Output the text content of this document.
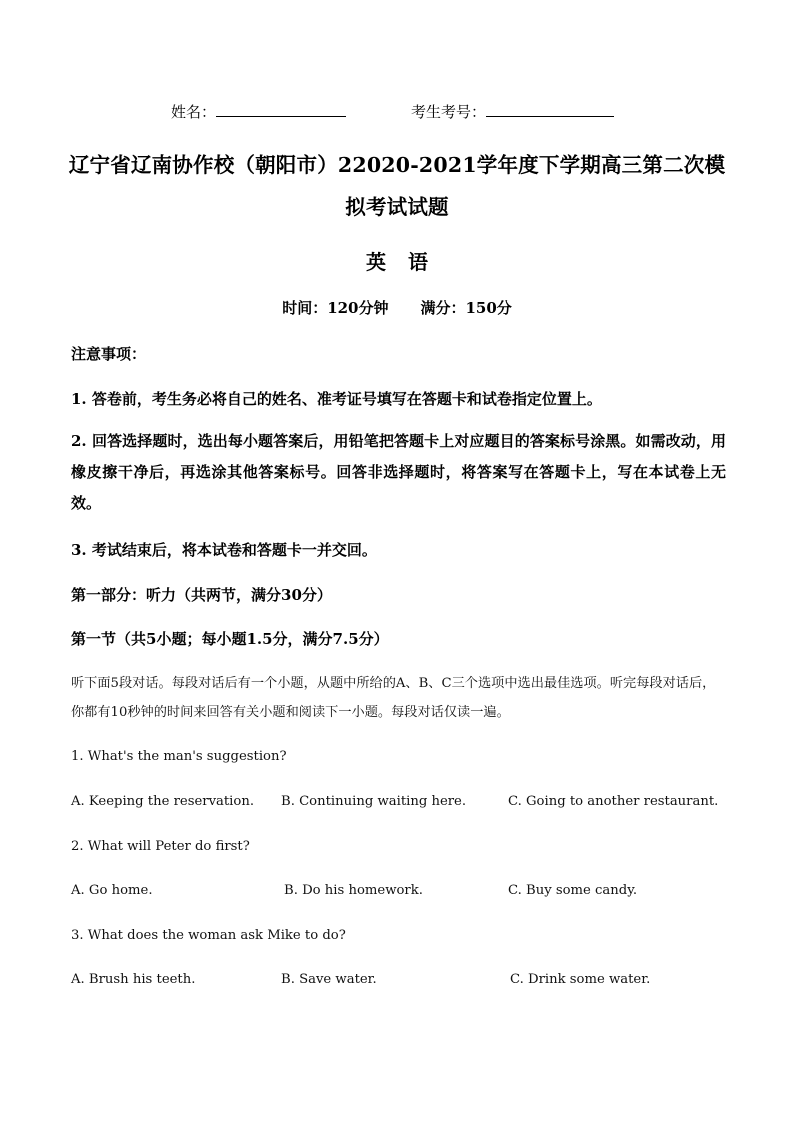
姓名：	考生考号：
辽宁省辽南协作校（朝阳市）22020-2021学年度下学期高三第二次模
拟考试试题
英语
时间：120分钟 满分：150分
注意事项：
1. 答卷前，考生务必将自己的姓名、准考证号填写在答题卡和试卷指定位置上。
2. 回答选择题时，选出每小题答案后，用铅笔把答题卡上对应题目的答案标号涂黑。如需改动，用橡皮擦干净后，再选涂其他答案标号。回答非选择题时，将答案写在答题卡上，写在本试卷上无效。
3. 考试结束后，将本试卷和答题卡一并交回。
第一部分：听力（共两节，满分30分）
第一节（共5小题；每小题1.5分，满分7.5分）
听下面5段对话。每段对话后有一个小题，从题中所给的A、B、C三个选项中选出最佳选项。听完每段对话后，你都有10秒钟的时间来回答有关小题和阅读下一小题。每段对话仅读一遍。
1. What's the man's suggestion?
A. Keeping the reservation. B. Continuing waiting here.	C. Going to another restaurant.
2. What will Peter do first?
A. Go home.	B. Do his homework.	C. Buy some candy.
3. What does the woman ask Mike to do?
A. Brush his teeth.	B. Save water.	C. Drink some water.
